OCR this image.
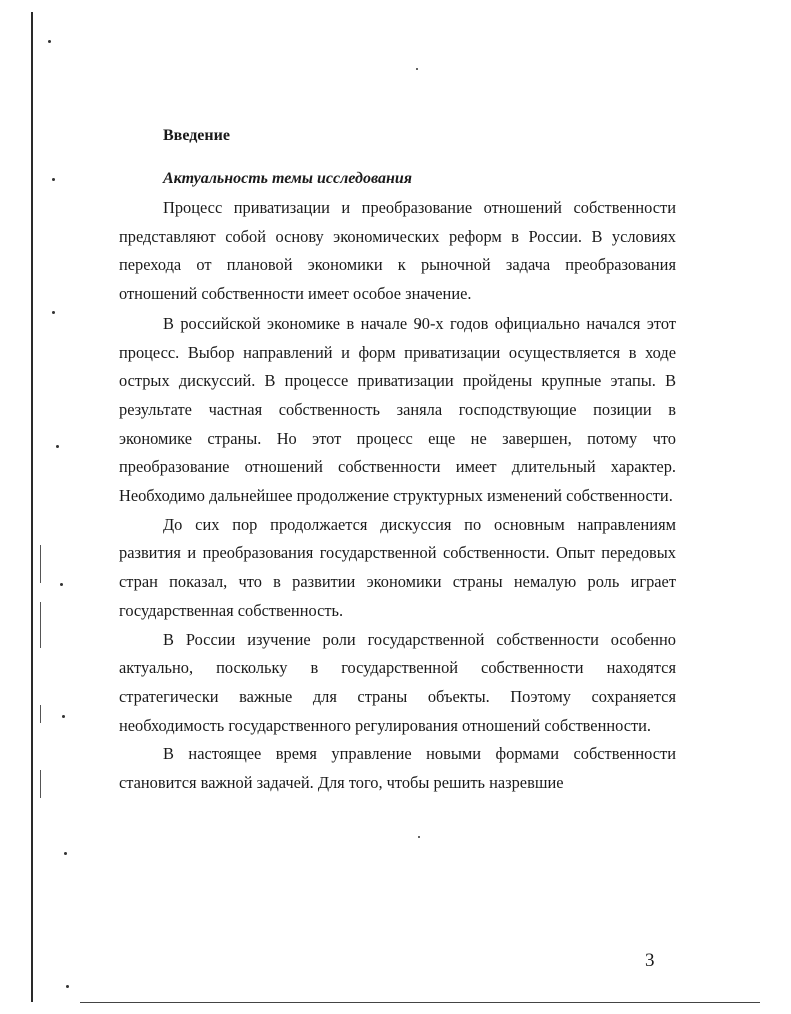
Введение
Актуальность темы исследования

Процесс приватизации и преобразование отношений собственности представляют собой основу экономических реформ в России. В условиях перехода от плановой экономики к рыночной задача преобразования отношений собственности имеет особое значение.

В российской экономике в начале 90-х годов официально начался этот процесс. Выбор направлений и форм приватизации осуществляется в ходе острых дискуссий. В процессе приватизации пройдены крупные этапы. В результате частная собственность заняла господствующие позиции в экономике страны. Но этот процесс еще не завершен, потому что преобразование отношений собственности имеет длительный характер. Необходимо дальнейшее продолжение структурных изменений собственности.

До сих пор продолжается дискуссия по основным направлениям развития и преобразования государственной собственности. Опыт передовых стран показал, что в развитии экономики страны немалую роль играет государственная собственность.

В России изучение роли государственной собственности особенно актуально, поскольку в государственной собственности находятся стратегически важные для страны объекты. Поэтому сохраняется необходимость государственного регулирования отношений собственности.

В настоящее время управление новыми формами собственности становится важной задачей. Для того, чтобы решить назревшие

3
